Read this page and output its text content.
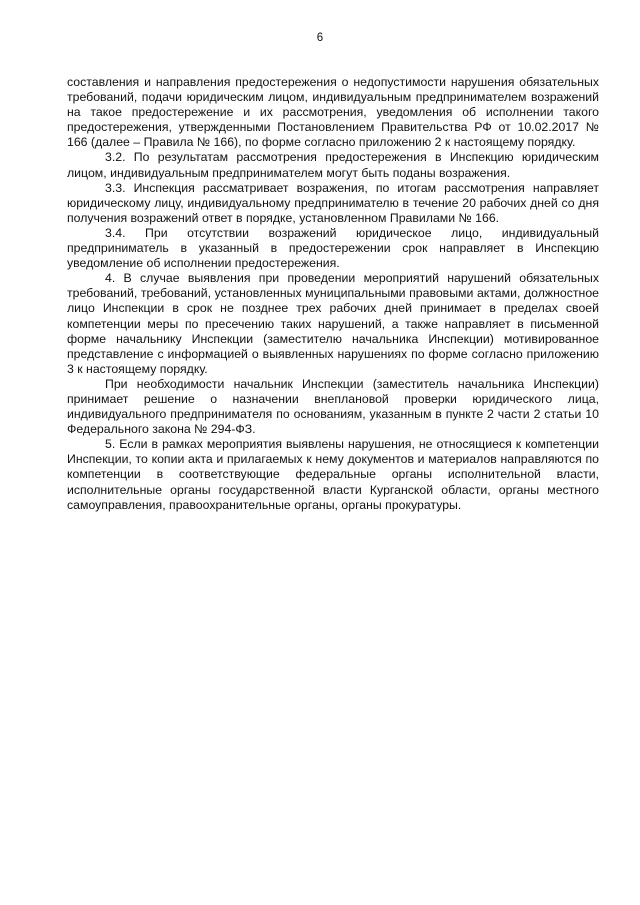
6

составления и направления предостережения о недопустимости нарушения обязательных требований, подачи юридическим лицом, индивидуальным предпринимателем возражений на такое предостережение и их рассмотрения, уведомления об исполнении такого предостережения, утвержденными Постановлением Правительства РФ от 10.02.2017 № 166 (далее – Правила № 166), по форме согласно приложению 2 к настоящему порядку.

3.2. По результатам рассмотрения предостережения в Инспекцию юридическим лицом, индивидуальным предпринимателем могут быть поданы возражения.

3.3. Инспекция рассматривает возражения, по итогам рассмотрения направляет юридическому лицу, индивидуальному предпринимателю в течение 20 рабочих дней со дня получения возражений ответ в порядке, установленном Правилами № 166.

3.4. При отсутствии возражений юридическое лицо, индивидуальный предприниматель в указанный в предостережении срок направляет в Инспекцию уведомление об исполнении предостережения.

4. В случае выявления при проведении мероприятий нарушений обязательных требований, требований, установленных муниципальными правовыми актами, должностное лицо Инспекции в срок не позднее трех рабочих дней принимает в пределах своей компетенции меры по пресечению таких нарушений, а также направляет в письменной форме начальнику Инспекции (заместителю начальника Инспекции) мотивированное представление с информацией о выявленных нарушениях по форме согласно приложению 3 к настоящему порядку.

При необходимости начальник Инспекции (заместитель начальника Инспекции) принимает решение о назначении внеплановой проверки юридического лица, индивидуального предпринимателя по основаниям, указанным в пункте 2 части 2 статьи 10 Федерального закона № 294-ФЗ.

5. Если в рамках мероприятия выявлены нарушения, не относящиеся к компетенции Инспекции, то копии акта и прилагаемых к нему документов и материалов направляются по компетенции в соответствующие федеральные органы исполнительной власти, исполнительные органы государственной власти Курганской области, органы местного самоуправления, правоохранительные органы, органы прокуратуры.
